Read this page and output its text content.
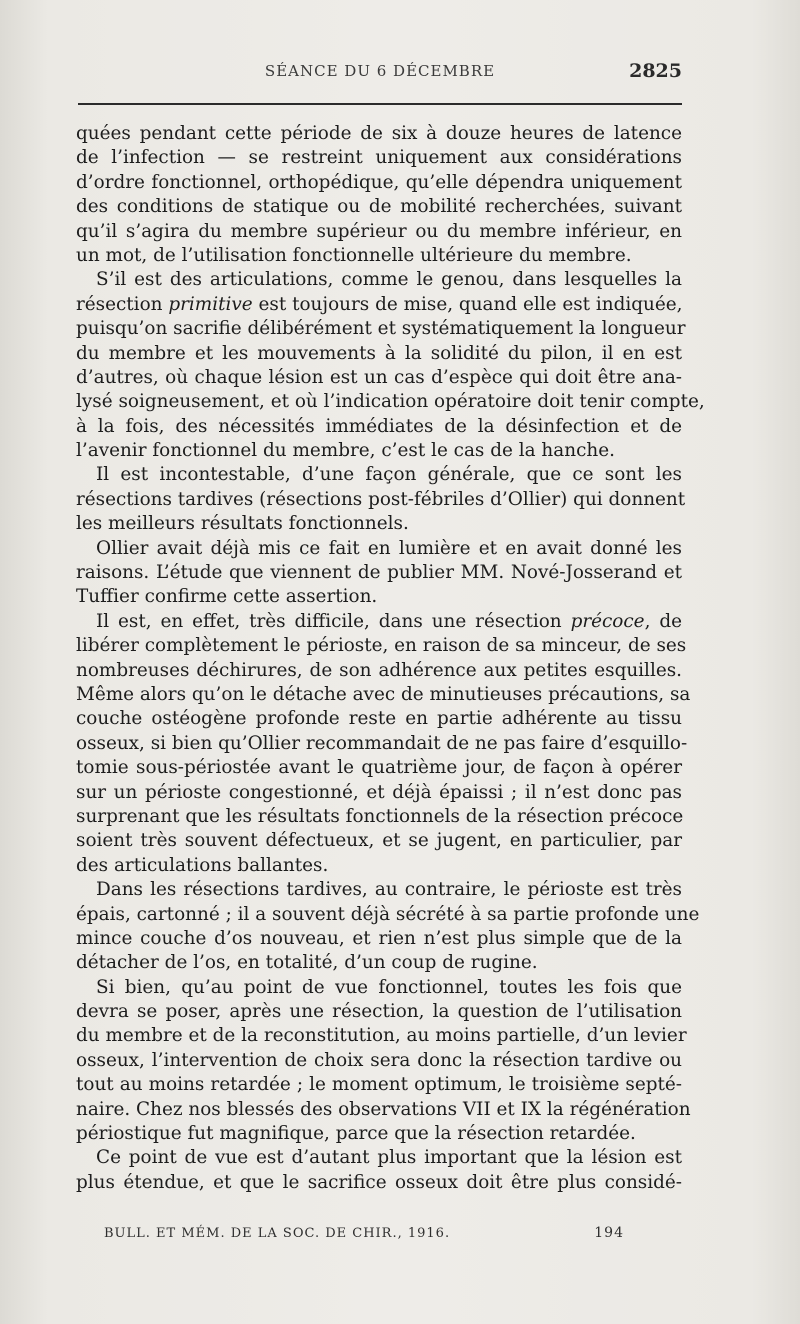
SÉANCE DU 6 DÉCEMBRE	2825
quées pendant cette période de six à douze heures de latence
de l’infection — se restreint uniquement aux considérations
d’ordre fonctionnel, orthopédique, qu’elle dépendra uniquement
des conditions de statique ou de mobilité recherchées, suivant
qu’il s’agira du membre supérieur ou du membre inférieur, en
un mot, de l’utilisation fonctionnelle ultérieure du membre.
S’il est des articulations, comme le genou, dans lesquelles la
résection primitive est toujours de mise, quand elle est indiquée,
puisqu’on sacrifie délibérément et systématiquement la longueur
du membre et les mouvements à la solidité du pilon, il en est
d’autres, où chaque lésion est un cas d’espèce qui doit être ana-
lysé soigneusement, et où l’indication opératoire doit tenir compte,
à la fois, des nécessités immédiates de la désinfection et de
l’avenir fonctionnel du membre, c’est le cas de la hanche.
Il est incontestable, d’une façon générale, que ce sont les
résections tardives (résections post-fébriles d’Ollier) qui donnent
les meilleurs résultats fonctionnels.
Ollier avait déjà mis ce fait en lumière et en avait donné les
raisons. L’étude que viennent de publier MM. Nové-Josserand et
Tuffier confirme cette assertion.
Il est, en effet, très difficile, dans une résection précoce, de
libérer complètement le périoste, en raison de sa minceur, de ses
nombreuses déchirures, de son adhérence aux petites esquilles.
Même alors qu’on le détache avec de minutieuses précautions, sa
couche ostéogène profonde reste en partie adhérente au tissu
osseux, si bien qu’Ollier recommandait de ne pas faire d’esquillo-
tomie sous-périostée avant le quatrième jour, de façon à opérer
sur un périoste congestionné, et déjà épaissi ; il n’est donc pas
surprenant que les résultats fonctionnels de la résection précoce
soient très souvent défectueux, et se jugent, en particulier, par
des articulations ballantes.
Dans les résections tardives, au contraire, le périoste est très
épais, cartonné ; il a souvent déjà sécrété à sa partie profonde une
mince couche d’os nouveau, et rien n’est plus simple que de la
détacher de l’os, en totalité, d’un coup de rugine.
Si bien, qu’au point de vue fonctionnel, toutes les fois que
devra se poser, après une résection, la question de l’utilisation
du membre et de la reconstitution, au moins partielle, d’un levier
osseux, l’intervention de choix sera donc la résection tardive ou
tout au moins retardée ; le moment optimum, le troisième septé-
naire. Chez nos blessés des observations VII et IX la régénération
périostique fut magnifique, parce que la résection retardée.
Ce point de vue est d’autant plus important que la lésion est
plus étendue, et que le sacrifice osseux doit être plus considé-
BULL. ET MÉM. DE LA SOC. DE CHIR., 1916.	194
